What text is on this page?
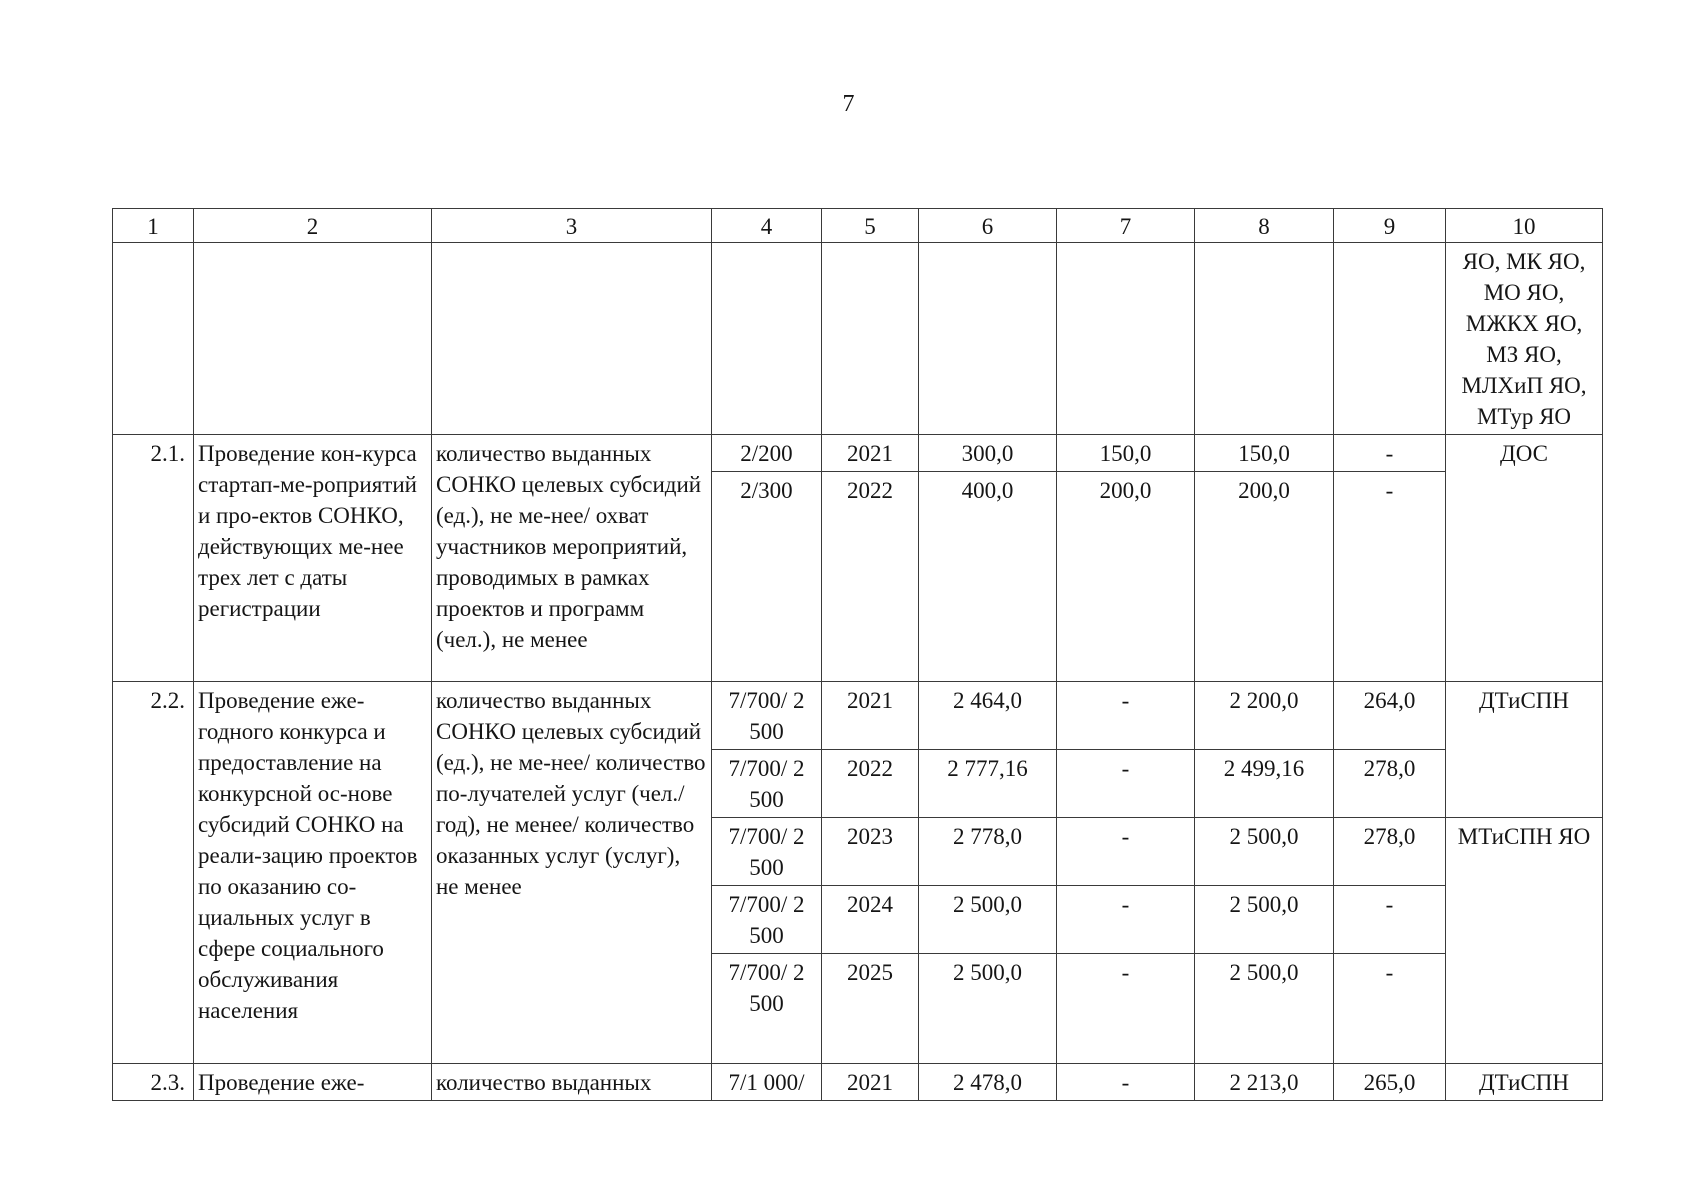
7
1	2	3	4	5	6	7	8	9	10
									ЯО, МК ЯО, МО ЯО, МЖКХ ЯО, МЗ ЯО, МЛХиП ЯО, МТур ЯО
2.1.	Проведение кон-курса стартап-ме-роприятий и про-ектов СОНКО, действующих ме-нее трех лет с даты регистрации	количество выданных СОНКО целевых субсидий (ед.), не ме-нее/ охват участников мероприятий, проводимых в рамках проектов и программ (чел.), не менее	2/200	2021	300,0	150,0	150,0	-	ДОС
			2/300	2022	400,0	200,0	200,0	-	
2.2.	Проведение еже-годного конкурса и предоставление на конкурсной ос-нове субсидий СОНКО на реали-зацию проектов по оказанию со-циальных услуг в сфере социального обслуживания населения	количество выданных СОНКО целевых субсидий (ед.), не ме-нее/ количество по-лучателей услуг (чел./год), не менее/ количество оказанных услуг (услуг), не менее	7/700/ 2 500	2021	2 464,0	-	2 200,0	264,0	ДТиСПН
			7/700/ 2 500	2022	2 777,16	-	2 499,16	278,0	
			7/700/ 2 500	2023	2 778,0	-	2 500,0	278,0	МТиСПН ЯО
			7/700/ 2 500	2024	2 500,0	-	2 500,0	-	
			7/700/ 2 500	2025	2 500,0	-	2 500,0	-	
2.3.	Проведение еже-	количество выданных	7/1 000/	2021	2 478,0	-	2 213,0	265,0	ДТиСПН
